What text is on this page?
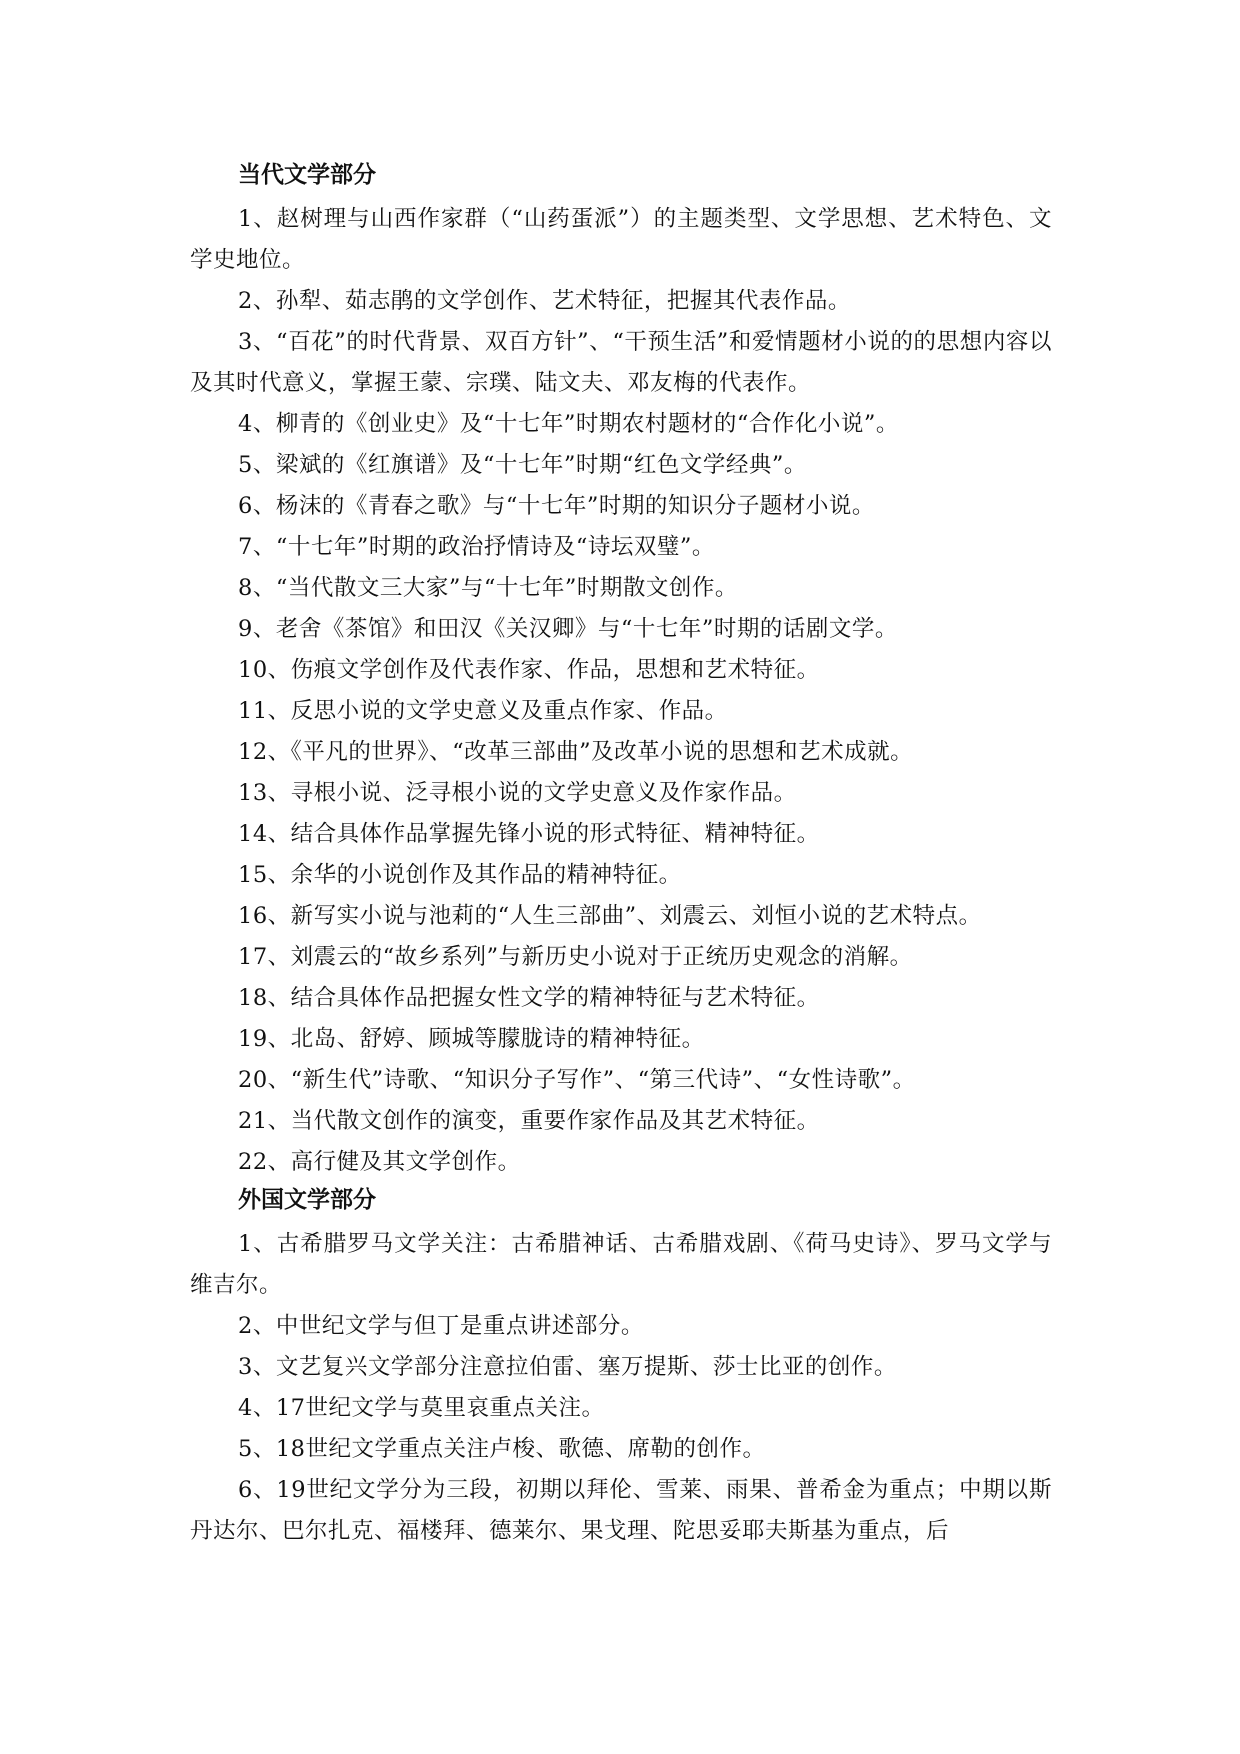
当代文学部分

1、赵树理与山西作家群（“山药蛋派”）的主题类型、文学思想、艺术特色、文学史地位。

2、孙犁、茹志鹃的文学创作、艺术特征，把握其代表作品。

3、“百花”的时代背景、双百方针”、“干预生活”和爱情题材小说的的思想内容以及其时代意义，掌握王蒙、宗璞、陆文夫、邓友梅的代表作。

4、柳青的《创业史》及“十七年”时期农村题材的“合作化小说”。

5、梁斌的《红旗谱》及“十七年”时期“红色文学经典”。

6、杨沫的《青春之歌》与“十七年”时期的知识分子题材小说。

7、“十七年”时期的政治抒情诗及“诗坛双璧”。

8、“当代散文三大家”与“十七年”时期散文创作。

9、老舍《茶馆》和田汉《关汉卿》与“十七年”时期的话剧文学。

10、伤痕文学创作及代表作家、作品，思想和艺术特征。

11、反思小说的文学史意义及重点作家、作品。

12、《平凡的世界》、“改革三部曲”及改革小说的思想和艺术成就。

13、寻根小说、泛寻根小说的文学史意义及作家作品。

14、结合具体作品掌握先锋小说的形式特征、精神特征。

15、余华的小说创作及其作品的精神特征。

16、新写实小说与池莉的“人生三部曲”、刘震云、刘恒小说的艺术特点。

17、刘震云的“故乡系列”与新历史小说对于正统历史观念的消解。

18、结合具体作品把握女性文学的精神特征与艺术特征。

19、北岛、舒婷、顾城等朦胧诗的精神特征。

20、“新生代”诗歌、“知识分子写作”、“第三代诗”、“女性诗歌”。

21、当代散文创作的演变，重要作家作品及其艺术特征。

22、高行健及其文学创作。

外国文学部分

1、古希腊罗马文学关注：古希腊神话、古希腊戏剧、《荷马史诗》、罗马文学与维吉尔。

2、中世纪文学与但丁是重点讲述部分。

3、文艺复兴文学部分注意拉伯雷、塞万提斯、莎士比亚的创作。

4、17世纪文学与莫里哀重点关注。

5、18世纪文学重点关注卢梭、歌德、席勒的创作。

6、19世纪文学分为三段，初期以拜伦、雪莱、雨果、普希金为重点；中期以斯丹达尔、巴尔扎克、福楼拜、德莱尔、果戈理、陀思妥耶夫斯基为重点，后
